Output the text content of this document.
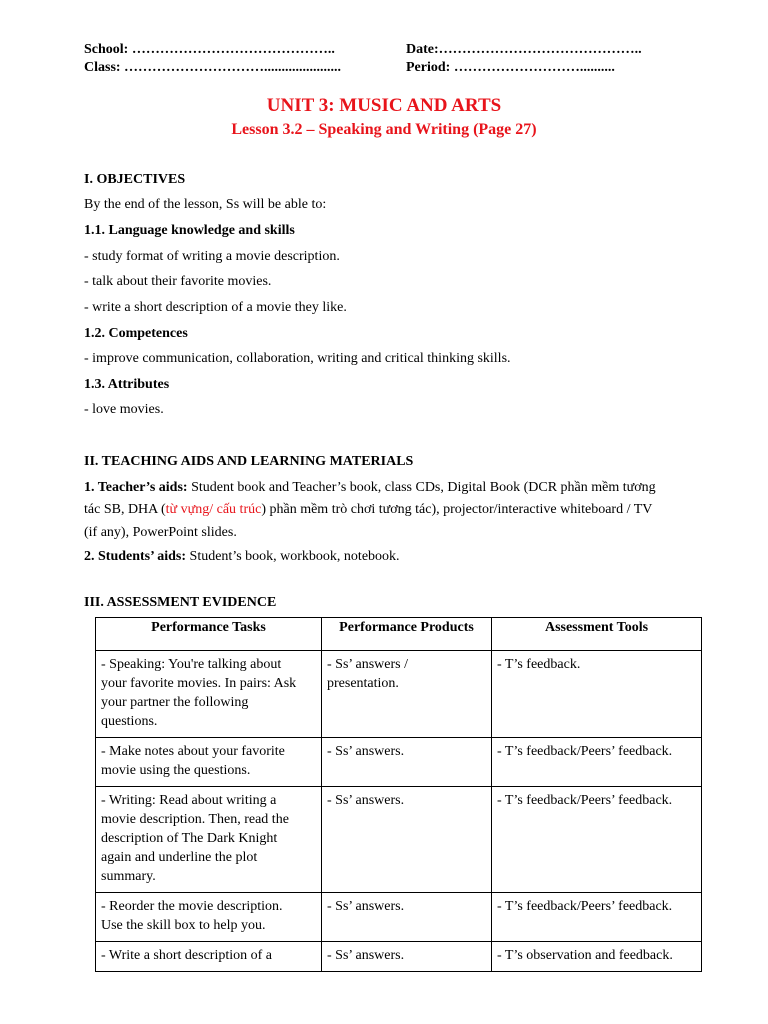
School: ……………………………………..	Date:……………………………………..
Class: …………………………......................	Period: ………………………..........
UNIT 3: MUSIC AND ARTS
Lesson 3.2 – Speaking and Writing (Page 27)
I. OBJECTIVES
By the end of the lesson, Ss will be able to:
1.1. Language knowledge and skills
- study format of writing a movie description.
- talk about their favorite movies.
- write a short description of a movie they like.
1.2. Competences
- improve communication, collaboration, writing and critical thinking skills.
1.3. Attributes
- love movies.
II. TEACHING AIDS AND LEARNING MATERIALS
1. Teacher’s aids: Student book and Teacher’s book, class CDs, Digital Book (DCR phần mềm tương
tác SB, DHA (từ vựng/ cấu trúc) phần mềm trò chơi tương tác), projector/interactive whiteboard / TV
(if any), PowerPoint slides.
2. Students’ aids: Student’s book, workbook, notebook.
III. ASSESSMENT EVIDENCE
Performance Tasks	Performance Products	Assessment Tools

- Speaking: You're talking about
your favorite movies. In pairs: Ask
your partner the following
questions.	- Ss’ answers /
presentation.	- T’s feedback.

- Make notes about your favorite
movie using the questions.	- Ss’ answers.	- T’s feedback/Peers’ feedback.

- Writing: Read about writing a
movie description. Then, read the
description of The Dark Knight
again and underline the plot
summary.	- Ss’ answers.	- T’s feedback/Peers’ feedback.

- Reorder the movie description.
Use the skill box to help you.	- Ss’ answers.	- T’s feedback/Peers’ feedback.

- Write a short description of a	- Ss’ answers.	- T’s observation and feedback.
